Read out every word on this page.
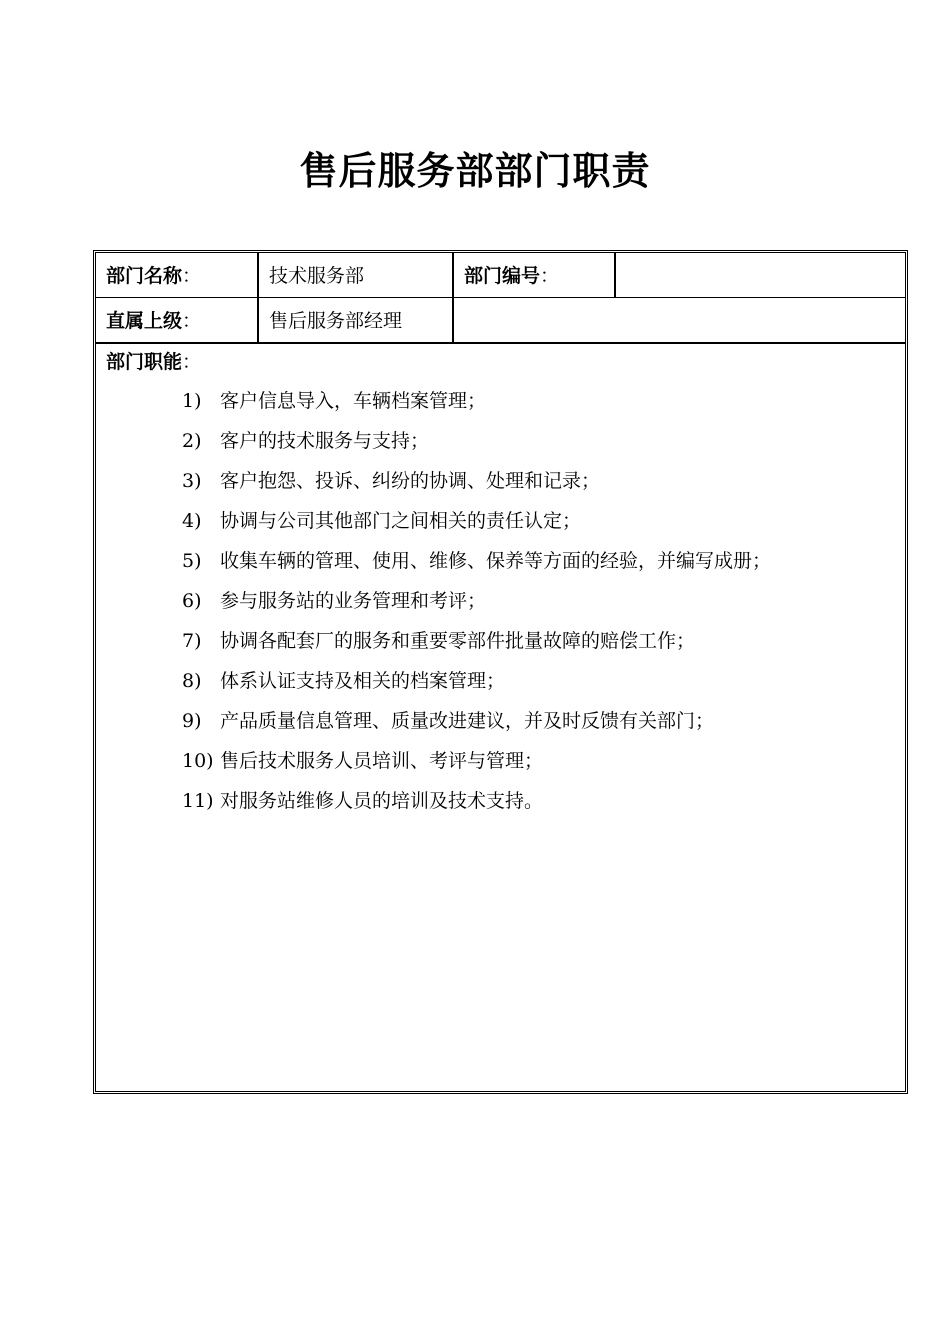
售后服务部部门职责
部门名称：	技术服务部	部门编号：
直属上级：	售后服务部经理
部门职能：
1) 客户信息导入，车辆档案管理；
2) 客户的技术服务与支持；
3) 客户抱怨、投诉、纠纷的协调、处理和记录；
4) 协调与公司其他部门之间相关的责任认定；
5) 收集车辆的管理、使用、维修、保养等方面的经验，并编写成册；
6) 参与服务站的业务管理和考评；
7) 协调各配套厂的服务和重要零部件批量故障的赔偿工作；
8) 体系认证支持及相关的档案管理；
9) 产品质量信息管理、质量改进建议，并及时反馈有关部门；
10) 售后技术服务人员培训、考评与管理；
11) 对服务站维修人员的培训及技术支持。
